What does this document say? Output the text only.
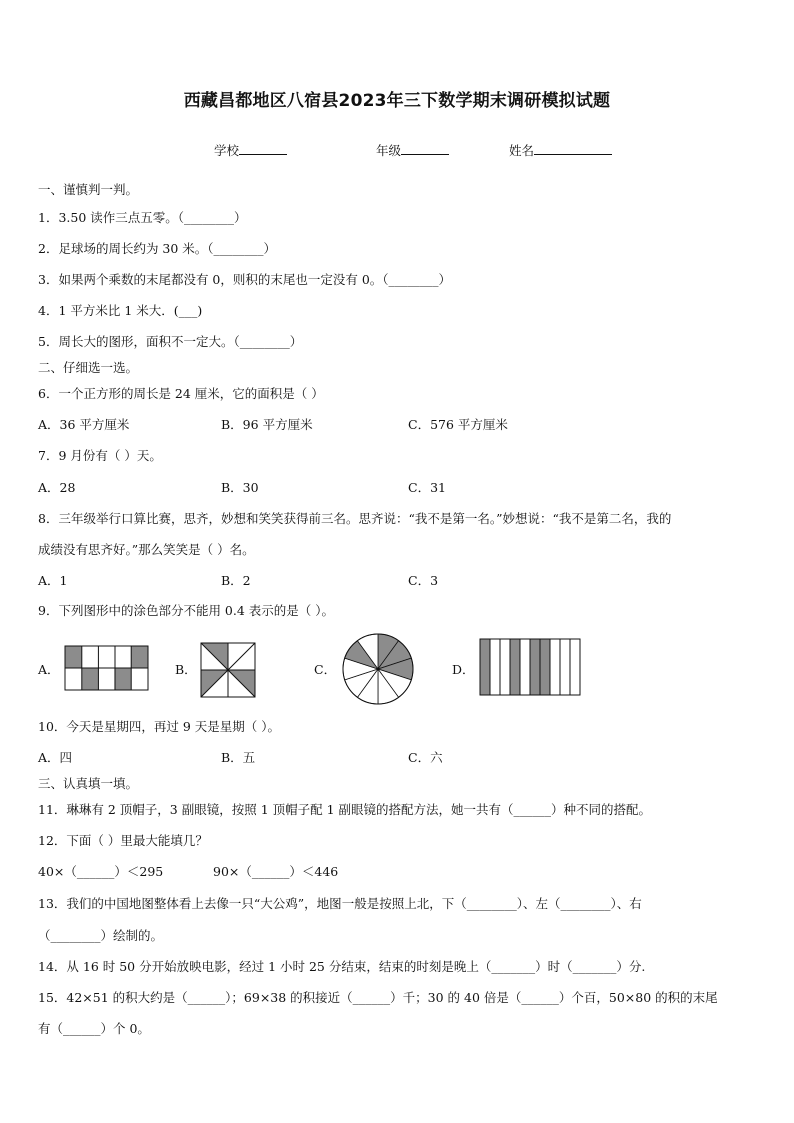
西藏昌都地区八宿县2023年三下数学期末调研模拟试题
学校	年级	姓名
一、谨慎判一判。
1．3.50 读作三点五零。（________）
2．足球场的周长约为 30 米。（________）
3．如果两个乘数的末尾都没有 0，则积的末尾也一定没有 0。（________）
4．1 平方米比 1 米大．(___)
5．周长大的图形，面积不一定大。（________）
二、仔细选一选。
6．一个正方形的周长是 24 厘米，它的面积是（ ）
A．36 平方厘米	B．96 平方厘米	C．576 平方厘米
7．9 月份有（ ）天。
A．28	B．30	C．31
8．三年级举行口算比赛，思齐，妙想和笑笑获得前三名。思齐说：“我不是第一名。”妙想说：“我不是第二名，我的
成绩没有思齐好。”那么笑笑是（ ）名。
A．1	B．2	C．3
9．下列图形中的涂色部分不能用 0.4 表示的是（ ）。
A．	B．	C．	D．
10．今天是星期四，再过 9 天是星期（ ）。
A．四	B．五	C．六
三、认真填一填。
11．琳琳有 2 顶帽子，3 副眼镜，按照 1 顶帽子配 1 副眼镜的搭配方法，她一共有（______）种不同的搭配。
12．下面（ ）里最大能填几？
40×（______）＜295	90×（______）＜446
13．我们的中国地图整体看上去像一只“大公鸡”，地图一般是按照上北，下（________）、左（________）、右
（________）绘制的。
14．从 16 时 50 分开始放映电影，经过 1 小时 25 分结束，结束的时刻是晚上（_______）时（_______）分.
15．42×51 的积大约是（______）；69×38 的积接近（______）千；30 的 40 倍是（______）个百，50×80 的积的末尾
有（______）个 0。
